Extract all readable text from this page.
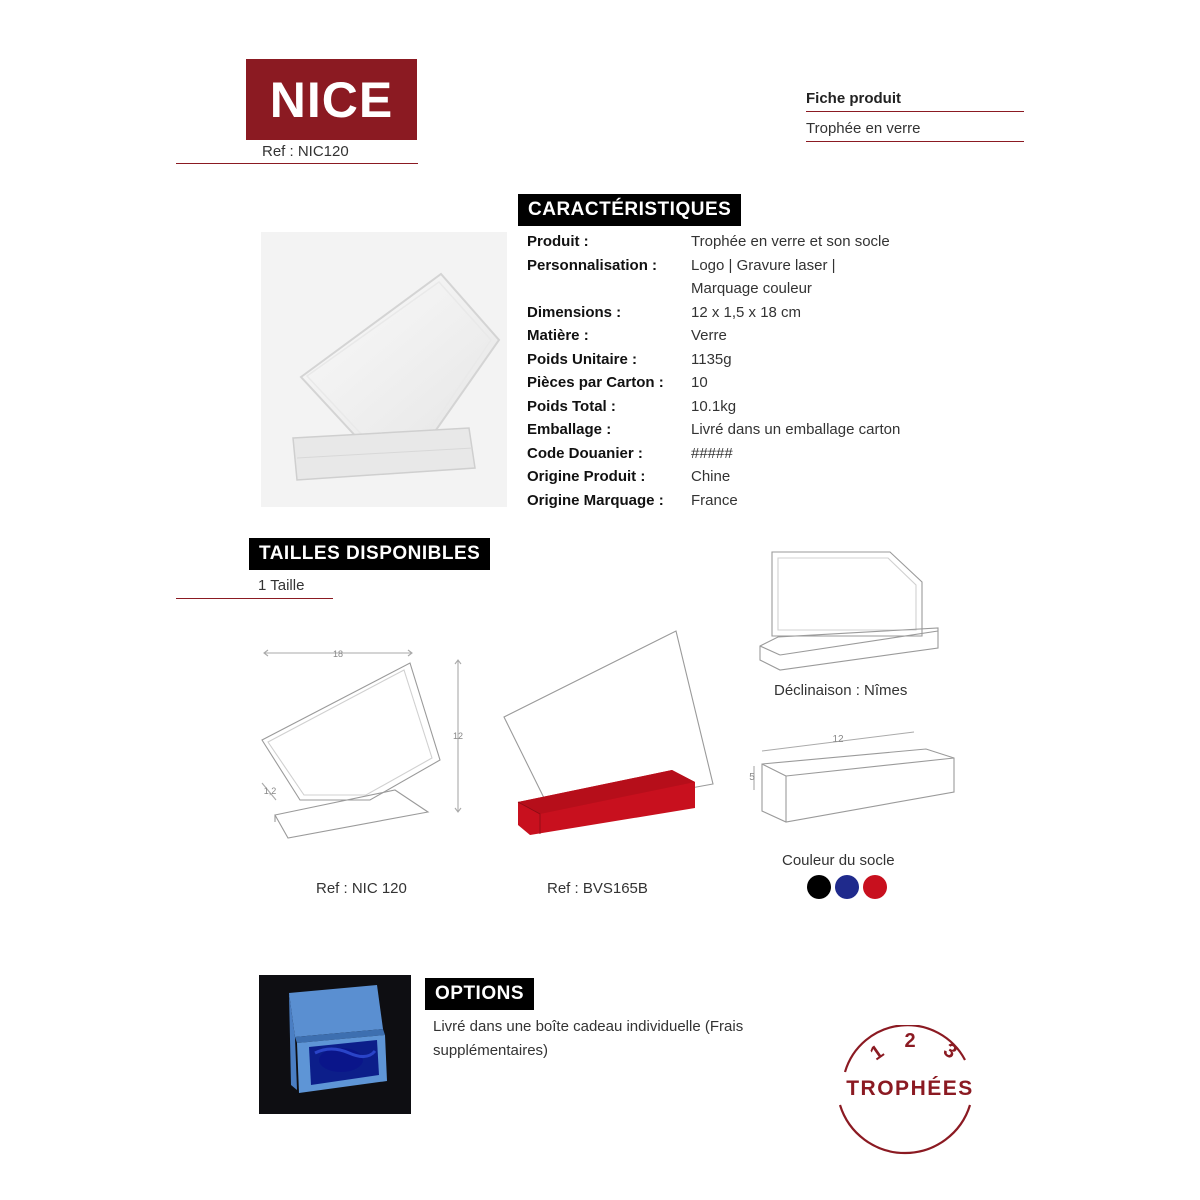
NICE
Ref : NIC120
Fiche produit
Trophée en verre
CARACTÉRISTIQUES
Produit :	Trophée en verre et son socle
Personnalisation :	Logo | Gravure laser | Marquage couleur
Dimensions :	12 x 1,5 x 18 cm
Matière :	Verre
Poids Unitaire :	1135g
Pièces par Carton :	10
Poids Total :	10.1kg
Emballage :	Livré dans un emballage carton
Code Douanier :	#####
Origine Produit :	Chine
Origine Marquage :	France
TAILLES DISPONIBLES
1 Taille
18
12
1,2
12
5
Déclinaison : Nîmes
Ref : NIC 120	Ref : BVS165B
Couleur du socle
OPTIONS
Livré dans une boîte cadeau individuelle (Frais supplémentaires)	1 2 3
TROPHÉES
